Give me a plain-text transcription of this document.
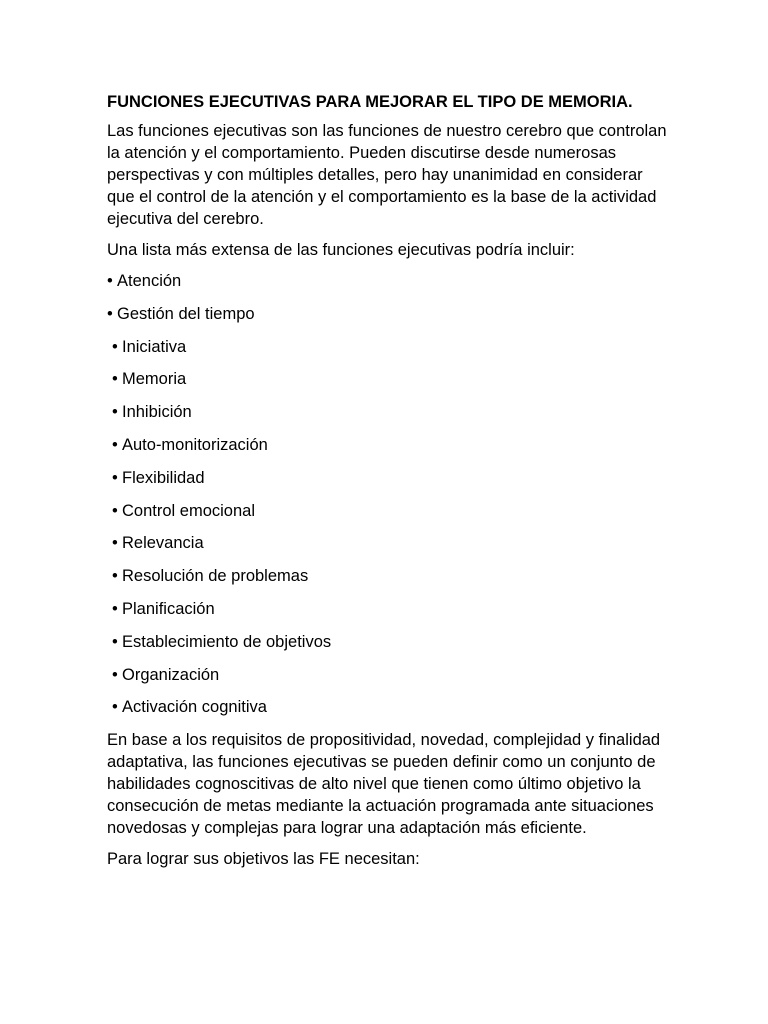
FUNCIONES EJECUTIVAS PARA MEJORAR EL TIPO DE MEMORIA.

Las funciones ejecutivas son las funciones de nuestro cerebro que controlan la atención y el comportamiento. Pueden discutirse desde numerosas perspectivas y con múltiples detalles, pero hay unanimidad en considerar que el control de la atención y el comportamiento es la base de la actividad ejecutiva del cerebro.

Una lista más extensa de las funciones ejecutivas podría incluir:

• Atención
• Gestión del tiempo
• Iniciativa
• Memoria
• Inhibición
• Auto-monitorización
• Flexibilidad
• Control emocional
• Relevancia
• Resolución de problemas
• Planificación
• Establecimiento de objetivos
• Organización
• Activación cognitiva

En base a los requisitos de propositividad, novedad, complejidad y finalidad adaptativa, las funciones ejecutivas se pueden definir como un conjunto de habilidades cognoscitivas de alto nivel que tienen como último objetivo la consecución de metas mediante la actuación programada ante situaciones novedosas y complejas para lograr una adaptación más eficiente.

Para lograr sus objetivos las FE necesitan:
